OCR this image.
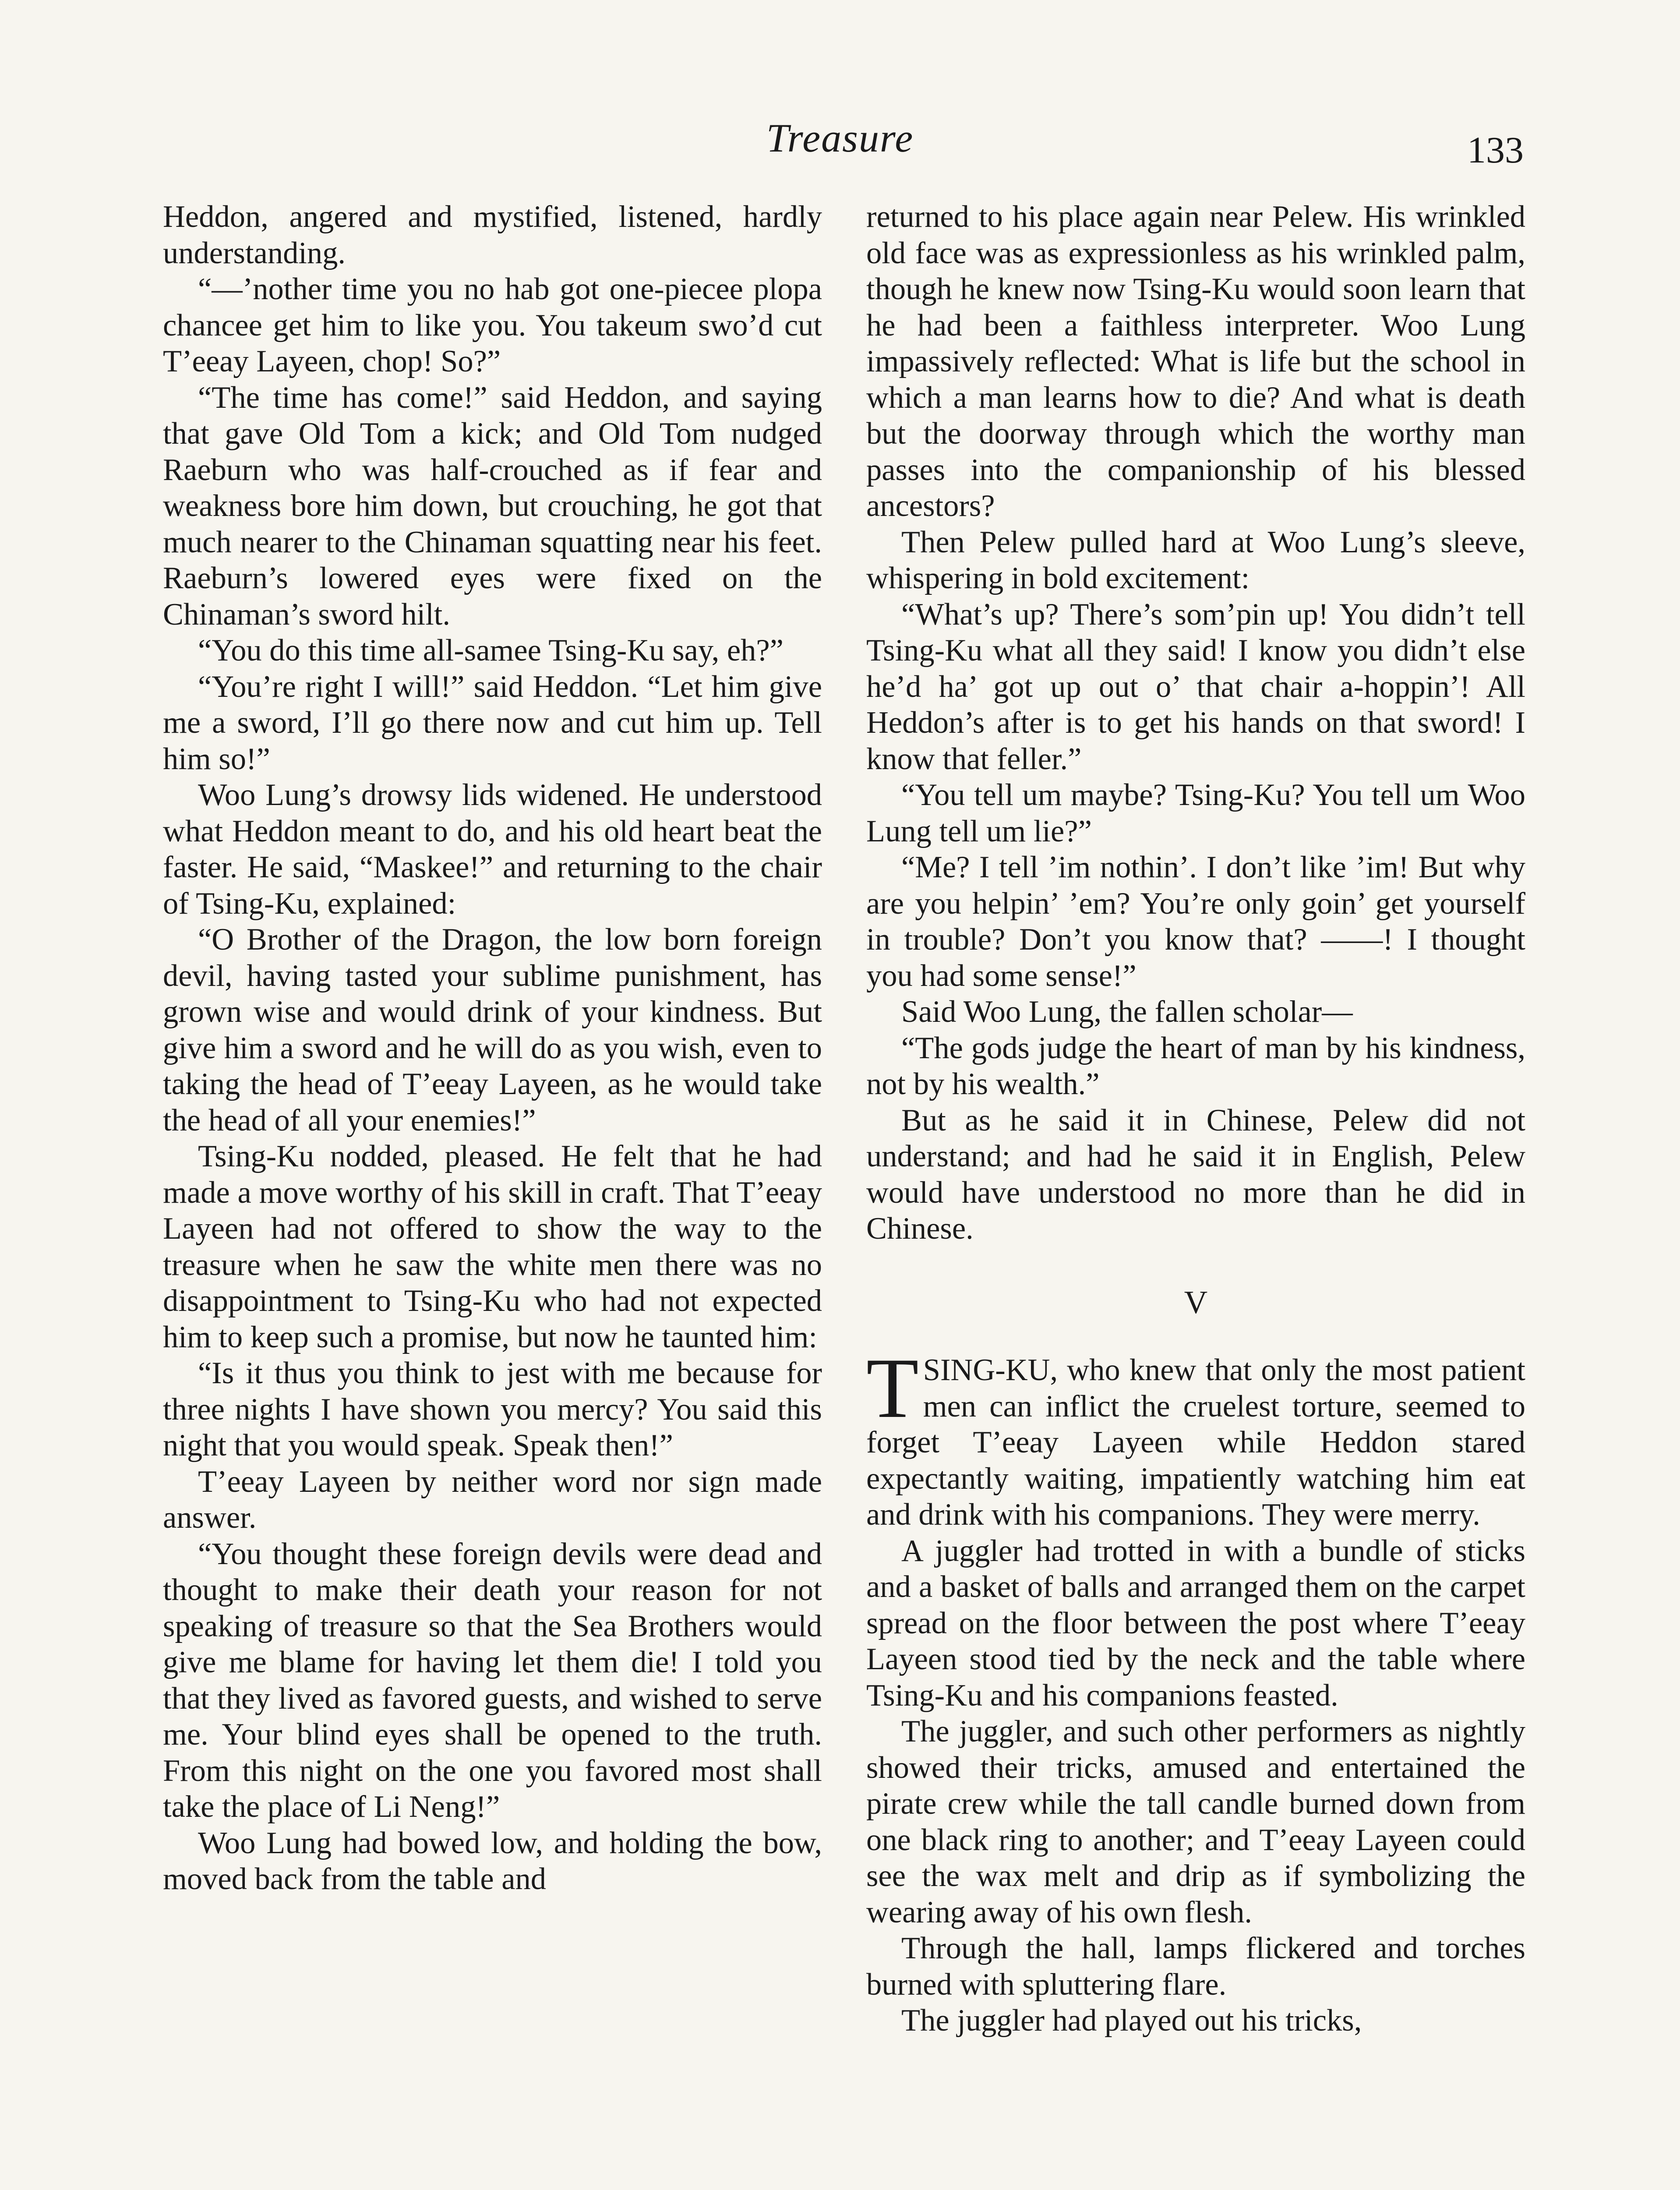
Treasure	133

Heddon, angered and mystified, listened, hardly understanding.

“—’nother time you no hab got one-piecee plopa chancee get him to like you. You takeum swo’d cut T’eeay Layeen, chop! So?”

“The time has come!” said Heddon, and saying that gave Old Tom a kick; and Old Tom nudged Raeburn who was half-crouched as if fear and weakness bore him down, but crouching, he got that much nearer to the Chinaman squatting near his feet. Raeburn’s lowered eyes were fixed on the Chinaman’s sword hilt.

“You do this time all-samee Tsing-Ku say, eh?”

“You’re right I will!” said Heddon. “Let him give me a sword, I’ll go there now and cut him up. Tell him so!”

Woo Lung’s drowsy lids widened. He understood what Heddon meant to do, and his old heart beat the faster. He said, “Maskee!” and returning to the chair of Tsing-Ku, explained:

“O Brother of the Dragon, the low born foreign devil, having tasted your sublime punishment, has grown wise and would drink of your kindness. But give him a sword and he will do as you wish, even to taking the head of T’eeay Layeen, as he would take the head of all your enemies!”

Tsing-Ku nodded, pleased. He felt that he had made a move worthy of his skill in craft. That T’eeay Layeen had not offered to show the way to the treasure when he saw the white men there was no disappointment to Tsing-Ku who had not expected him to keep such a promise, but now he taunted him:

“Is it thus you think to jest with me because for three nights I have shown you mercy? You said this night that you would speak. Speak then!”

T’eeay Layeen by neither word nor sign made answer.

“You thought these foreign devils were dead and thought to make their death your reason for not speaking of treasure so that the Sea Brothers would give me blame for having let them die! I told you that they lived as favored guests, and wished to serve me. Your blind eyes shall be opened to the truth. From this night on the one you favored most shall take the place of Li Neng!”

Woo Lung had bowed low, and holding the bow, moved back from the table and

returned to his place again near Pelew. His wrinkled old face was as expressionless as his wrinkled palm, though he knew now Tsing-Ku would soon learn that he had been a faithless interpreter. Woo Lung impassively reflected: What is life but the school in which a man learns how to die? And what is death but the doorway through which the worthy man passes into the companionship of his blessed ancestors?

Then Pelew pulled hard at Woo Lung’s sleeve, whispering in bold excitement:

“What’s up? There’s som’pin up! You didn’t tell Tsing-Ku what all they said! I know you didn’t else he’d ha’ got up out o’ that chair a-hoppin’! All Heddon’s after is to get his hands on that sword! I know that feller.”

“You tell um maybe? Tsing-Ku? You tell um Woo Lung tell um lie?”

“Me? I tell ’im nothin’. I don’t like ’im! But why are you helpin’ ’em? You’re only goin’ get yourself in trouble? Don’t you know that? ——! I thought you had some sense!”

Said Woo Lung, the fallen scholar—

“The gods judge the heart of man by his kindness, not by his wealth.”

But as he said it in Chinese, Pelew did not understand; and had he said it in English, Pelew would have understood no more than he did in Chinese.

V

TSING-KU, who knew that only the most patient men can inflict the cruelest torture, seemed to forget T’eeay Layeen while Heddon stared expectantly waiting, impatiently watching him eat and drink with his companions. They were merry.

A juggler had trotted in with a bundle of sticks and a basket of balls and arranged them on the carpet spread on the floor between the post where T’eeay Layeen stood tied by the neck and the table where Tsing-Ku and his companions feasted.

The juggler, and such other performers as nightly showed their tricks, amused and entertained the pirate crew while the tall candle burned down from one black ring to another; and T’eeay Layeen could see the wax melt and drip as if symbolizing the wearing away of his own flesh.

Through the hall, lamps flickered and torches burned with spluttering flare.

The juggler had played out his tricks,
